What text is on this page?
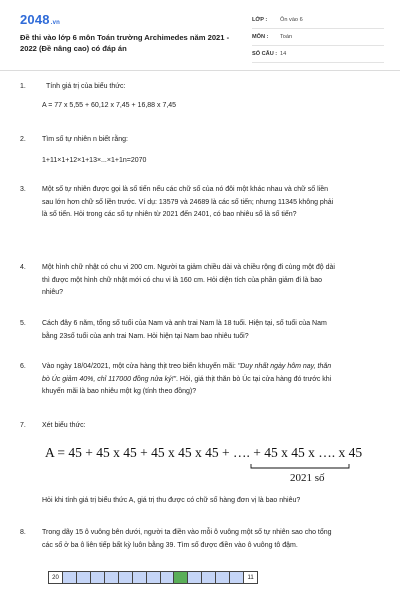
2048.vn
Đề thi vào lớp 6 môn Toán trường Archimedes năm 2021 - 2022 (Đề nâng cao) có đáp án
LỚP :	Ôn vào 6
MÔN :	Toán
SỐ CÂU : 14
1.	Tính giá trị của biểu thức:
A = 77 x 5,55 + 60,12 x 7,45 + 16,88 x 7,45
2.	Tìm số tự nhiên n biết rằng:
1+11×1+12×1+13×...×1+1n=2070
3.	Một số tự nhiên được gọi là số tiến nếu các chữ số của nó đôi một khác nhau và chữ số liền
sau lớn hơn chữ số liền trước. Ví dụ: 13579 và 24689 là các số tiến; nhưng 11345 không phải
là số tiến. Hỏi trong các số tự nhiên từ 2021 đến 2401, có bao nhiêu số là số tiến?
4.	Một hình chữ nhật có chu vi 200 cm. Người ta giảm chiều dài và chiều rộng đi cùng một độ dài
thì được một hình chữ nhật mới có chu vi là 160 cm. Hỏi diện tích của phần giảm đi là bao
nhiêu?
5.	Cách đây 6 năm, tổng số tuổi của Nam và anh trai Nam là 18 tuổi. Hiện tại, số tuổi của Nam
bằng 23số tuổi của anh trai Nam. Hỏi hiện tại Nam bao nhiêu tuổi?
6.	Vào ngày 18/04/2021, một cửa hàng thịt treo biển khuyến mãi: "Duy nhất ngày hôm nay, thăn
bò Úc giảm 40%, chỉ 117000 đồng nửa ký!". Hỏi, giá thịt thăn bò Úc tại cửa hàng đó trước khi
khuyến mãi là bao nhiêu một kg (tính theo đồng)?
7.	Xét biểu thức:
A = 45 + 45 x 45 + 45 x 45 x 45 + …. + 45 x 45 x …. x 45
2021 số
Hỏi khi tính giá trị biểu thức A, giá trị thu được có chữ số hàng đơn vị là bao nhiêu?
8.	Trong dãy 15 ô vuông bên dưới, người ta điền vào mỗi ô vuông một số tự nhiên sao cho tổng
các số ở ba ô liên tiếp bất kỳ luôn bằng 39. Tìm số được điền vào ô vuông tô đậm.
20	11
